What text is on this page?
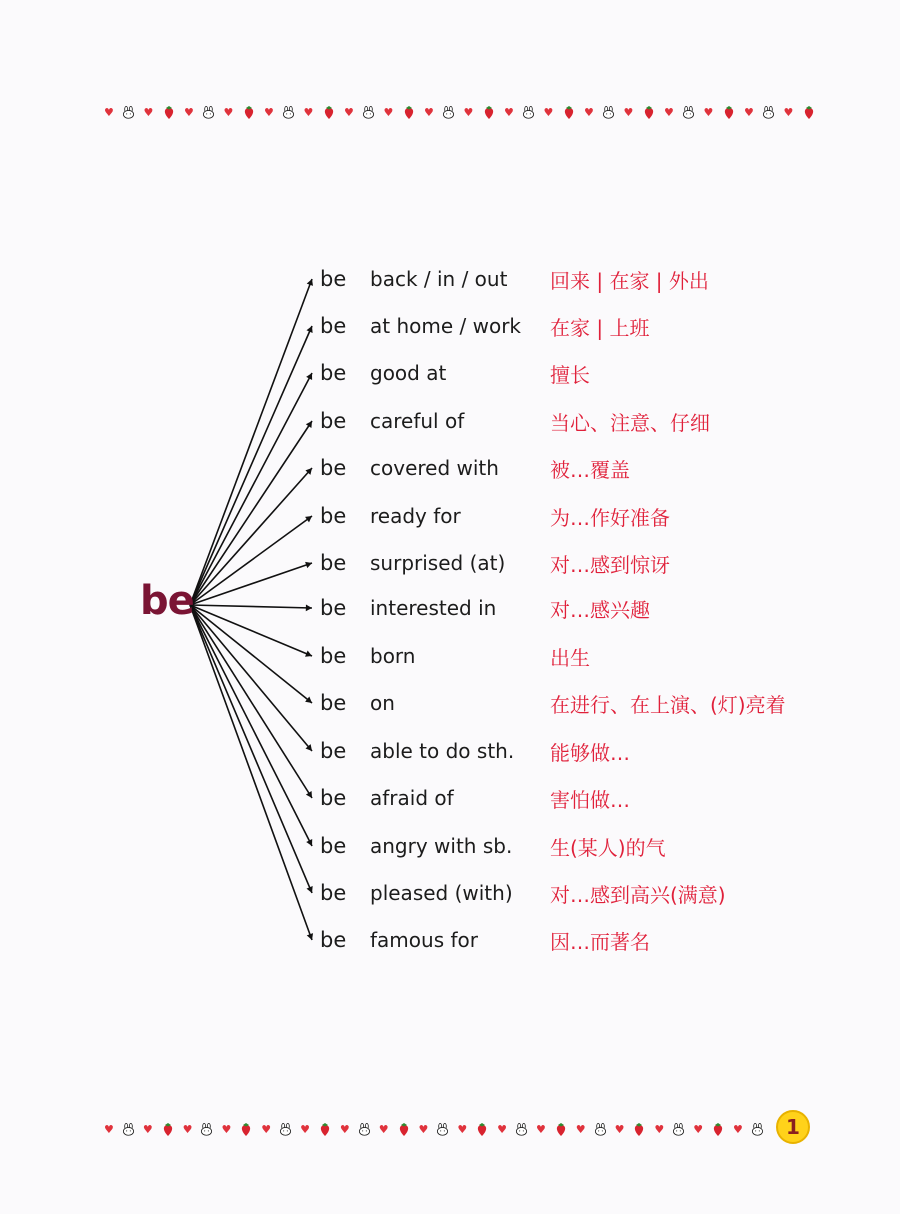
♥	♥	♥	♥	♥	♥	♥	♥	♥	♥	♥	♥	♥	♥	♥	♥	♥	♥
be
be	back / in / out	回来 | 在家 | 外出
be	at home / work	在家 | 上班
be	good at	擅长
be	careful of	当心、注意、仔细
be	covered with	被…覆盖
be	ready for	为…作好准备
be	surprised (at)	对…感到惊讶
be	interested in	对…感兴趣
be	born	出生
be	on	在进行、在上演、(灯)亮着
be	able to do sth.	能够做…
be	afraid of	害怕做…
be	angry with sb.	生(某人)的气
be	pleased (with)	对…感到高兴(满意)
be	famous for	因…而著名
♥	♥	♥	♥	♥	♥	♥	♥	♥	♥	♥	♥	♥	♥	♥	♥	♥	1
